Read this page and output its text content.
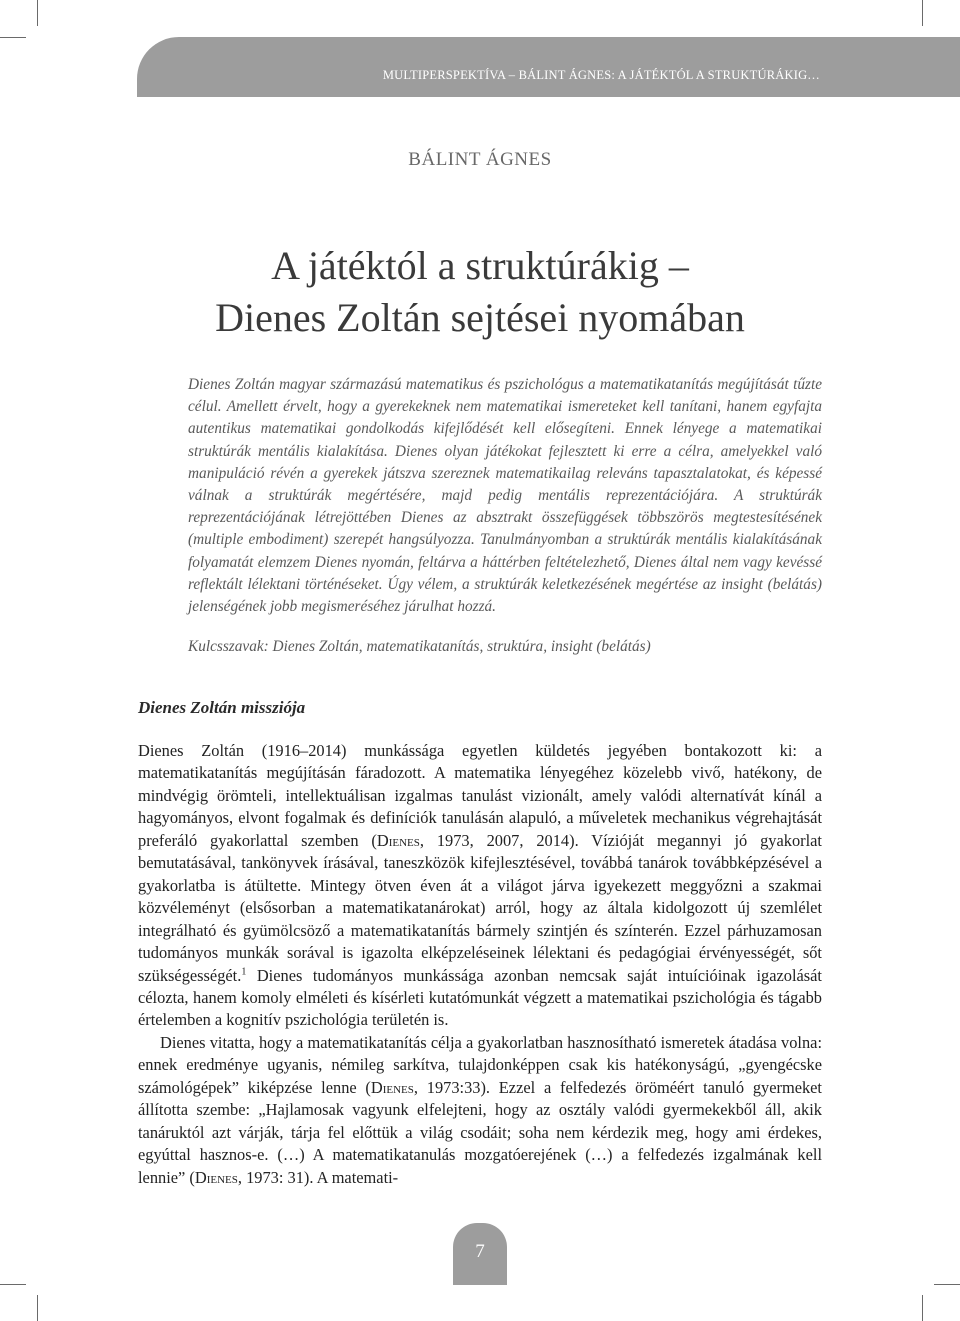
MULTIPERSPEKTÍVA – BÁLINT ÁGNES: A JÁTÉKTÓL A STRUKTÚRÁKIG…
BÁLINT ÁGNES
A játéktól a struktúrákig –
Dienes Zoltán sejtései nyomában

Dienes Zoltán magyar származású matematikus és pszichológus a matematikatanítás megújítását tűzte célul. Amellett érvelt, hogy a gyerekeknek nem matematikai ismereteket kell tanítani, hanem egyfajta autentikus matematikai gondolkodás kifejlődését kell elősegíteni. Ennek lényege a matematikai struktúrák mentális kialakítása. Dienes olyan játékokat fejlesztett ki erre a célra, amelyekkel való manipuláció révén a gyerekek játszva szereznek matematikailag releváns tapasztalatokat, és képessé válnak a struktúrák megértésére, majd pedig mentális reprezentációjára. A struktúrák reprezentációjának létrejöttében Dienes az absztrakt összefüggések többszörös megtestesítésének (multiple embodiment) szerepét hangsúlyozza. Tanulmányomban a struktúrák mentális kialakításának folyamatát elemzem Dienes nyomán, feltárva a háttérben feltételezhető, Dienes által nem vagy kevéssé reflektált lélektani történéseket. Úgy vélem, a struktúrák keletkezésének megértése az insight (belátás) jelenségének jobb megismeréséhez járulhat hozzá.

Kulcsszavak: Dienes Zoltán, matematikatanítás, struktúra, insight (belátás)

Dienes Zoltán missziója

Dienes Zoltán (1916–2014) munkássága egyetlen küldetés jegyében bontakozott ki: a matematikatanítás megújításán fáradozott. A matematika lényegéhez közelebb vivő, hatékony, de mindvégig örömteli, intellektuálisan izgalmas tanulást vizionált, amely valódi alternatívát kínál a hagyományos, elvont fogalmak és definíciók tanulásán alapuló, a műveletek mechanikus végrehajtását preferáló gyakorlattal szemben (Dienes, 1973, 2007, 2014). Vízióját megannyi jó gyakorlat bemutatásával, tankönyvek írásával, taneszközök kifejlesztésével, továbbá tanárok továbbképzésével a gyakorlatba is átültette. Mintegy ötven éven át a világot járva igyekezett meggyőzni a szakmai közvéleményt (elsősorban a matematikatanárokat) arról, hogy az általa kidolgozott új szemlélet integrálható és gyümölcsöző a matematikatanítás bármely szintjén és színterén. Ezzel párhuzamosan tudományos munkák sorával is igazolta elképzeléseinek lélektani és pedagógiai érvényességét, sőt szükségességét.$^1$ Dienes tudományos munkássága azonban nemcsak saját intuícióinak igazolását célozta, hanem komoly elméleti és kísérleti kutatómunkát végzett a matematikai pszichológia és tágabb értelemben a kognitív pszichológia területén is.

Dienes vitatta, hogy a matematikatanítás célja a gyakorlatban hasznosítható ismeretek átadása volna: ennek eredménye ugyanis, némileg sarkítva, tulajdonképpen csak kis hatékonyságú, „gyengécske számológépek” kiképzése lenne (Dienes, 1973:33). Ezzel a felfedezés öröméért tanuló gyermeket állította szembe: „Hajlamosak vagyunk elfelejteni, hogy az osztály valódi gyermekekből áll, akik tanáruktól azt várják, tárja fel előttük a világ csodáit; soha nem kérdezik meg, hogy ami érdekes, egyúttal hasznos-e. (…) A matematikatanulás mozgatóerejének (…) a felfedezés izgalmának kell lennie” (Dienes, 1973: 31). A matemati-

7
